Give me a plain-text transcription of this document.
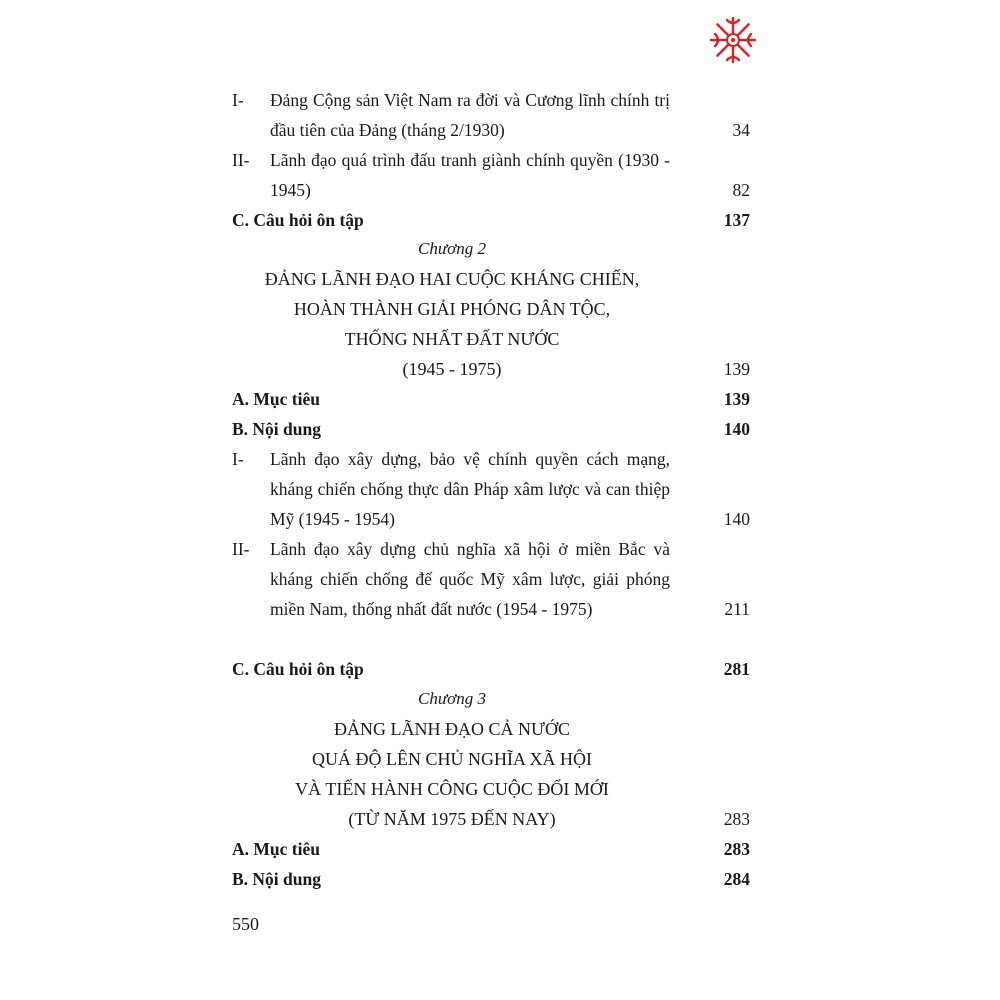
I- Đảng Cộng sản Việt Nam ra đời và Cương lĩnh chính trị đầu tiên của Đảng (tháng 2/1930)	34
II- Lãnh đạo quá trình đấu tranh giành chính quyền (1930 - 1945)	82
C. Câu hỏi ôn tập	137
Chương 2
ĐẢNG LÃNH ĐẠO HAI CUỘC KHÁNG CHIẾN,
HOÀN THÀNH GIẢI PHÓNG DÂN TỘC,
THỐNG NHẤT ĐẤT NƯỚC
(1945 - 1975)	139
A. Mục tiêu	139
B. Nội dung	140
I- Lãnh đạo xây dựng, bảo vệ chính quyền cách mạng, kháng chiến chống thực dân Pháp xâm lược và can thiệp Mỹ (1945 - 1954)	140
II- Lãnh đạo xây dựng chủ nghĩa xã hội ở miền Bắc và kháng chiến chống đế quốc Mỹ xâm lược, giải phóng miền Nam, thống nhất đất nước (1954 - 1975)	211
C. Câu hỏi ôn tập	281
Chương 3
ĐẢNG LÃNH ĐẠO CẢ NƯỚC
QUÁ ĐỘ LÊN CHỦ NGHĨA XÃ HỘI
VÀ TIẾN HÀNH CÔNG CUỘC ĐỔI MỚI
(TỪ NĂM 1975 ĐẾN NAY)	283
A. Mục tiêu	283
B. Nội dung	284
550
